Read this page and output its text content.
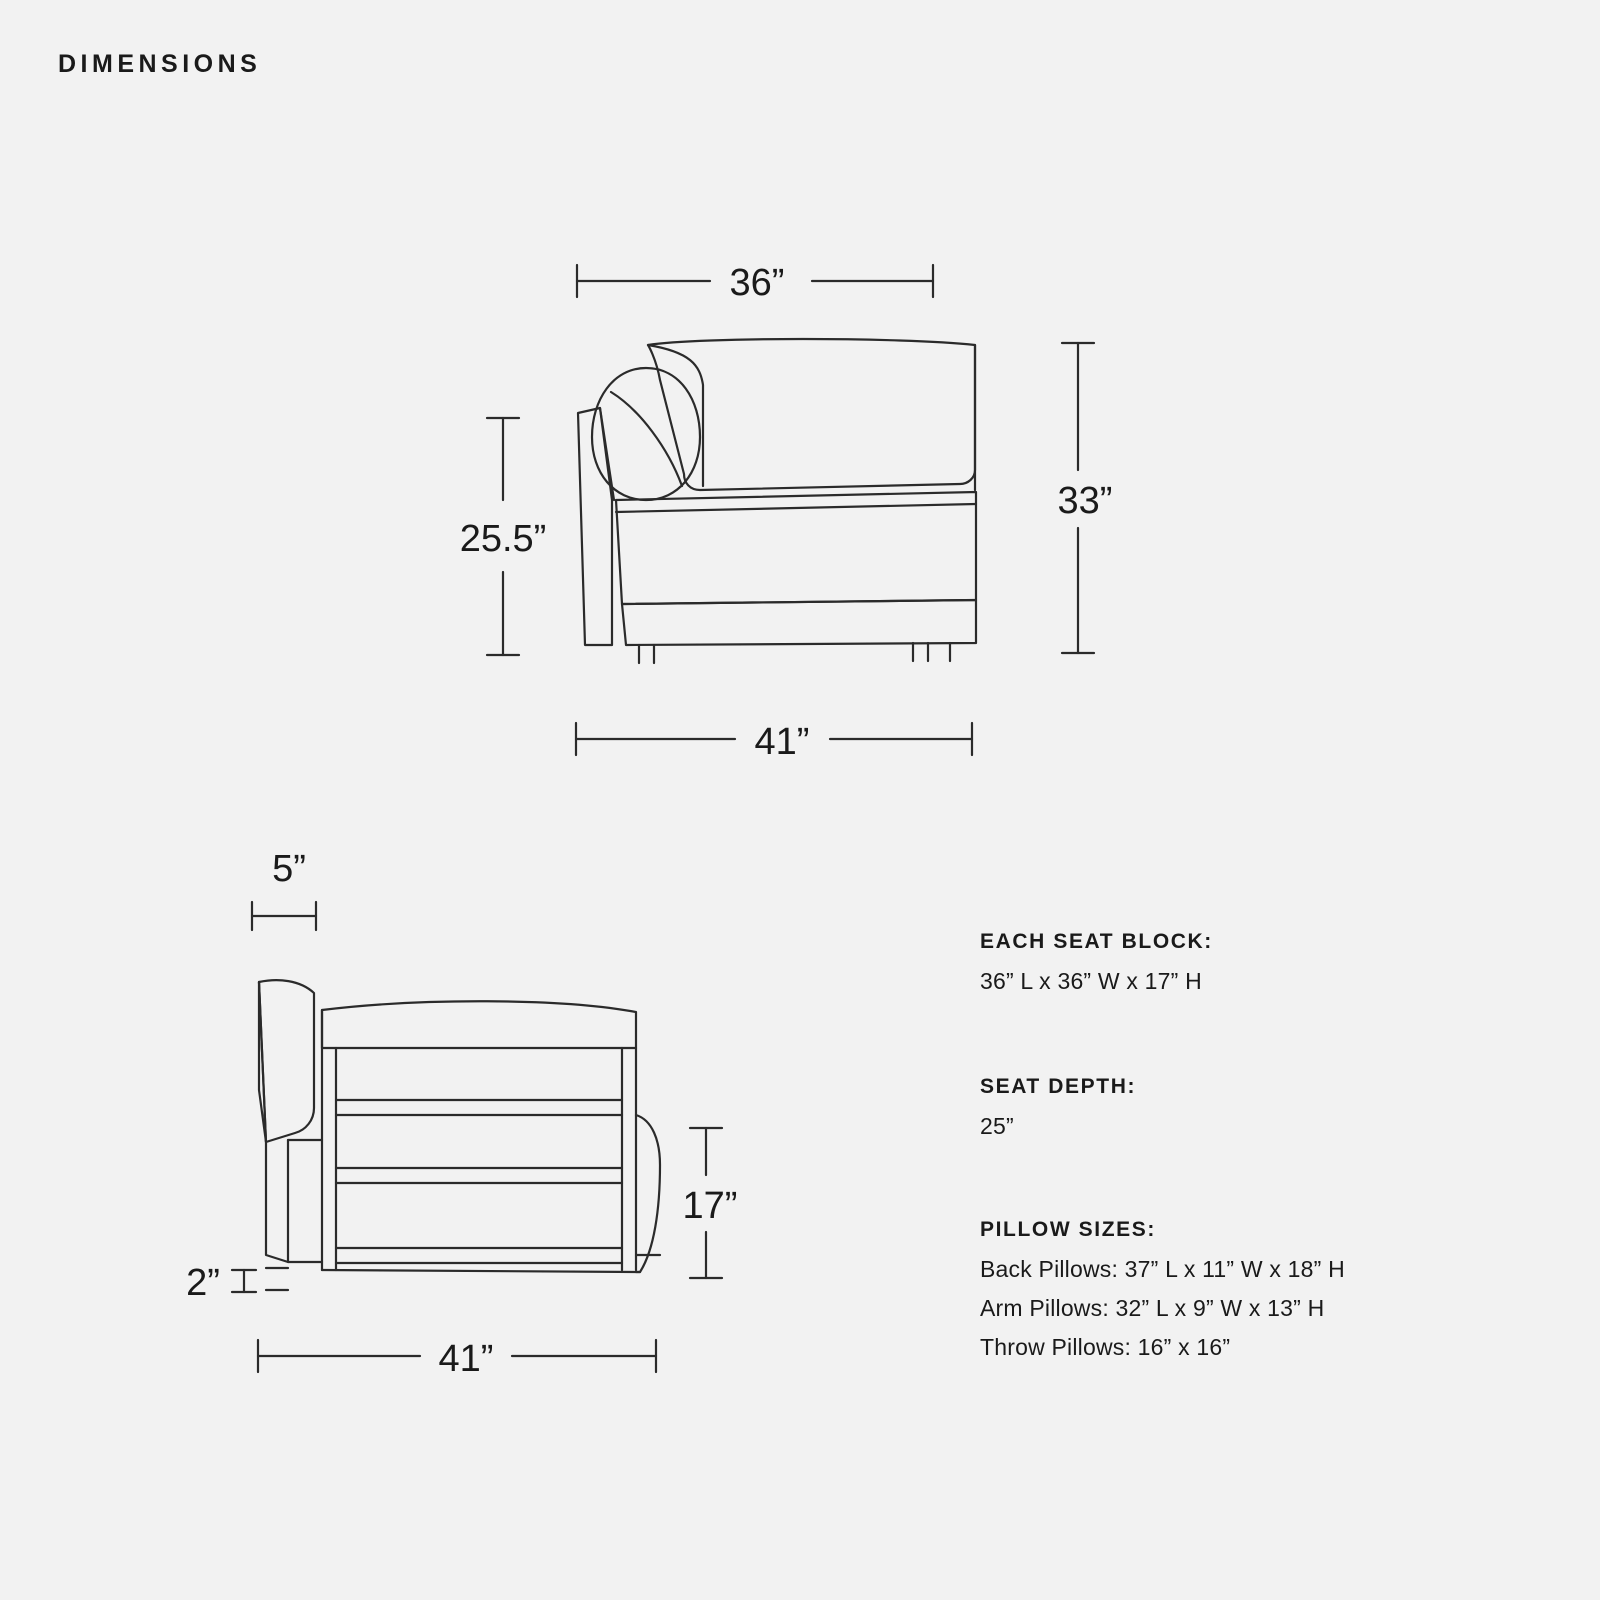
DIMENSIONS
36”
41”
25.5”
33”
5”
2”
17”
41”
EACH SEAT BLOCK:
36” L x 36” W x 17” H
SEAT DEPTH:
25”
PILLOW SIZES:
Back Pillows: 37” L x 11” W x 18” H
Arm Pillows: 32” L x 9” W x 13” H
Throw Pillows: 16” x 16”
